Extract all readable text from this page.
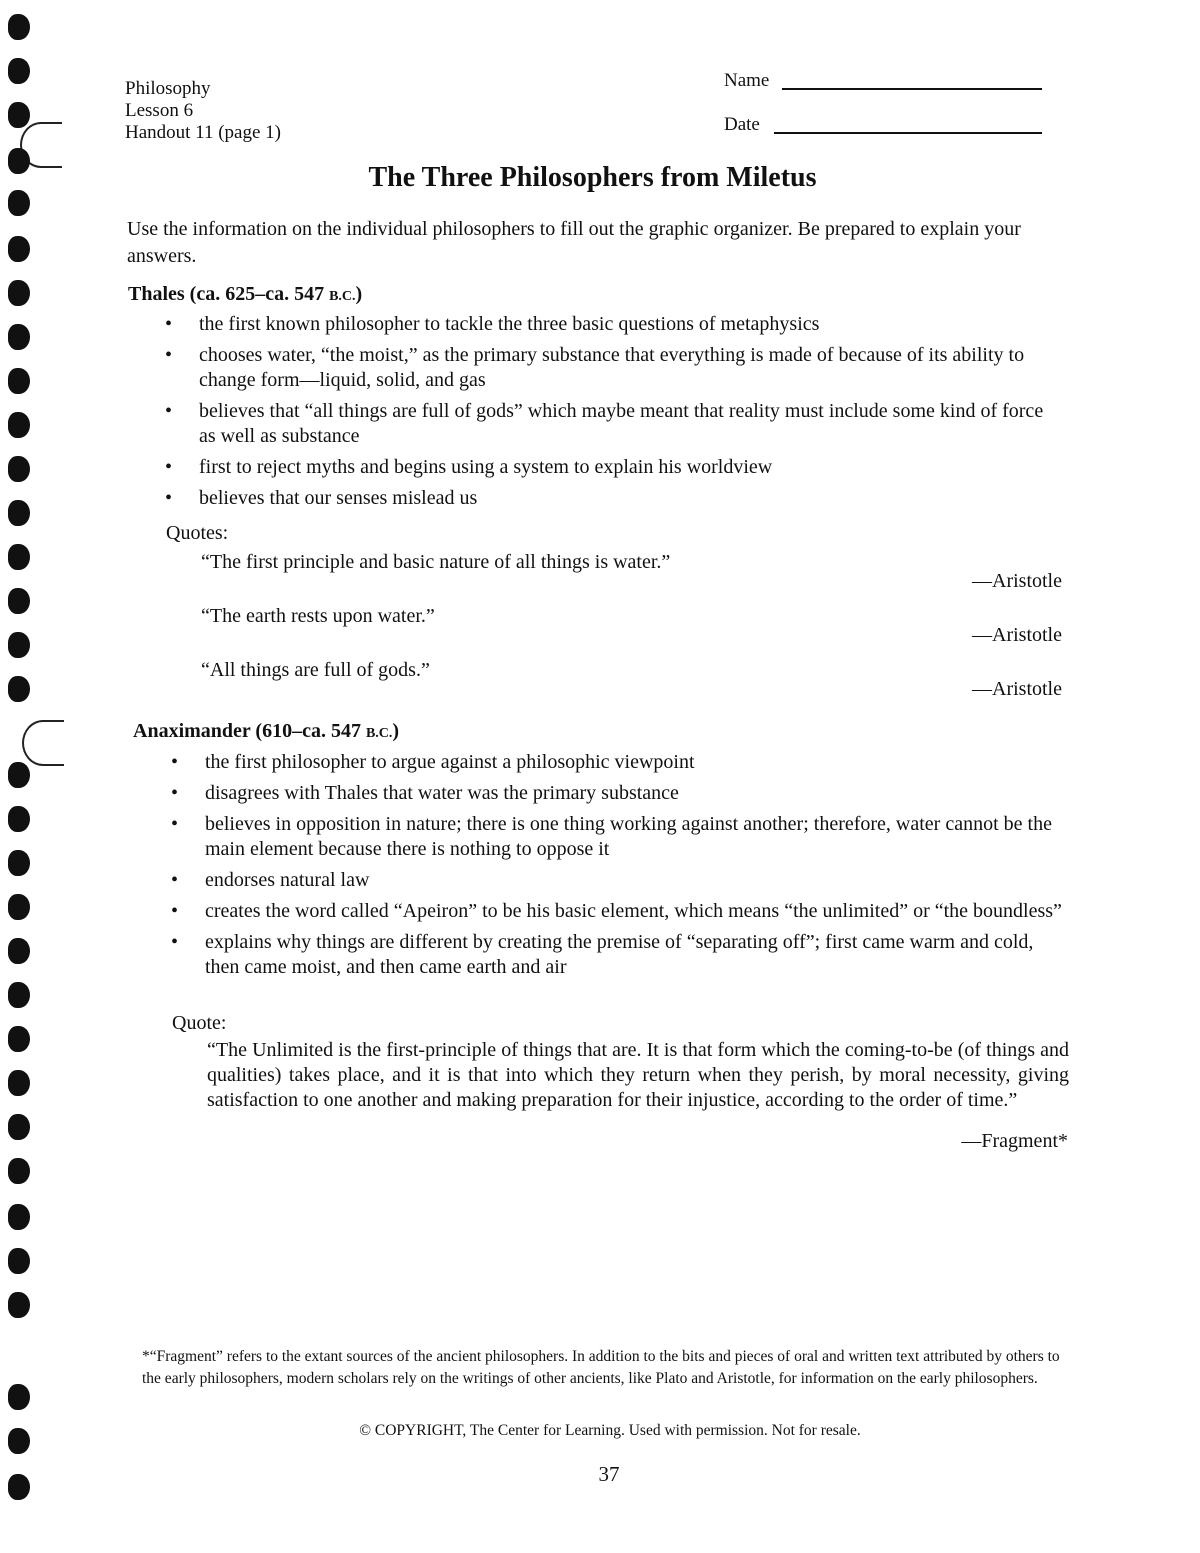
Philosophy
Lesson 6
Handout 11 (page 1)
Name
Date
The Three Philosophers from Miletus
Use the information on the individual philosophers to fill out the graphic organizer. Be prepared to explain your answers.
Thales (ca. 625–ca. 547 B.C.)
• the first known philosopher to tackle the three basic questions of metaphysics
• chooses water, “the moist,” as the primary substance that everything is made of because of its ability to change form—liquid, solid, and gas
• believes that “all things are full of gods” which maybe meant that reality must include some kind of force as well as substance
• first to reject myths and begins using a system to explain his worldview
• believes that our senses mislead us
Quotes:
“The first principle and basic nature of all things is water.”
—Aristotle
“The earth rests upon water.”
—Aristotle
“All things are full of gods.”
—Aristotle
Anaximander (610–ca. 547 B.C.)
• the first philosopher to argue against a philosophic viewpoint
• disagrees with Thales that water was the primary substance
• believes in opposition in nature; there is one thing working against another; therefore, water cannot be the main element because there is nothing to oppose it
• endorses natural law
• creates the word called “Apeiron” to be his basic element, which means “the unlimited” or “the boundless”
• explains why things are different by creating the premise of “separating off”; first came warm and cold, then came moist, and then came earth and air
Quote:
“The Unlimited is the first-principle of things that are. It is that form which the coming-to-be (of things and qualities) takes place, and it is that into which they return when they perish, by moral necessity, giving satisfaction to one another and making preparation for their injustice, according to the order of time.”
—Fragment*
*“Fragment” refers to the extant sources of the ancient philosophers. In addition to the bits and pieces of oral and written text attributed by others to the early philosophers, modern scholars rely on the writings of other ancients, like Plato and Aristotle, for information on the early philosophers.
© COPYRIGHT, The Center for Learning. Used with permission. Not for resale.
37
